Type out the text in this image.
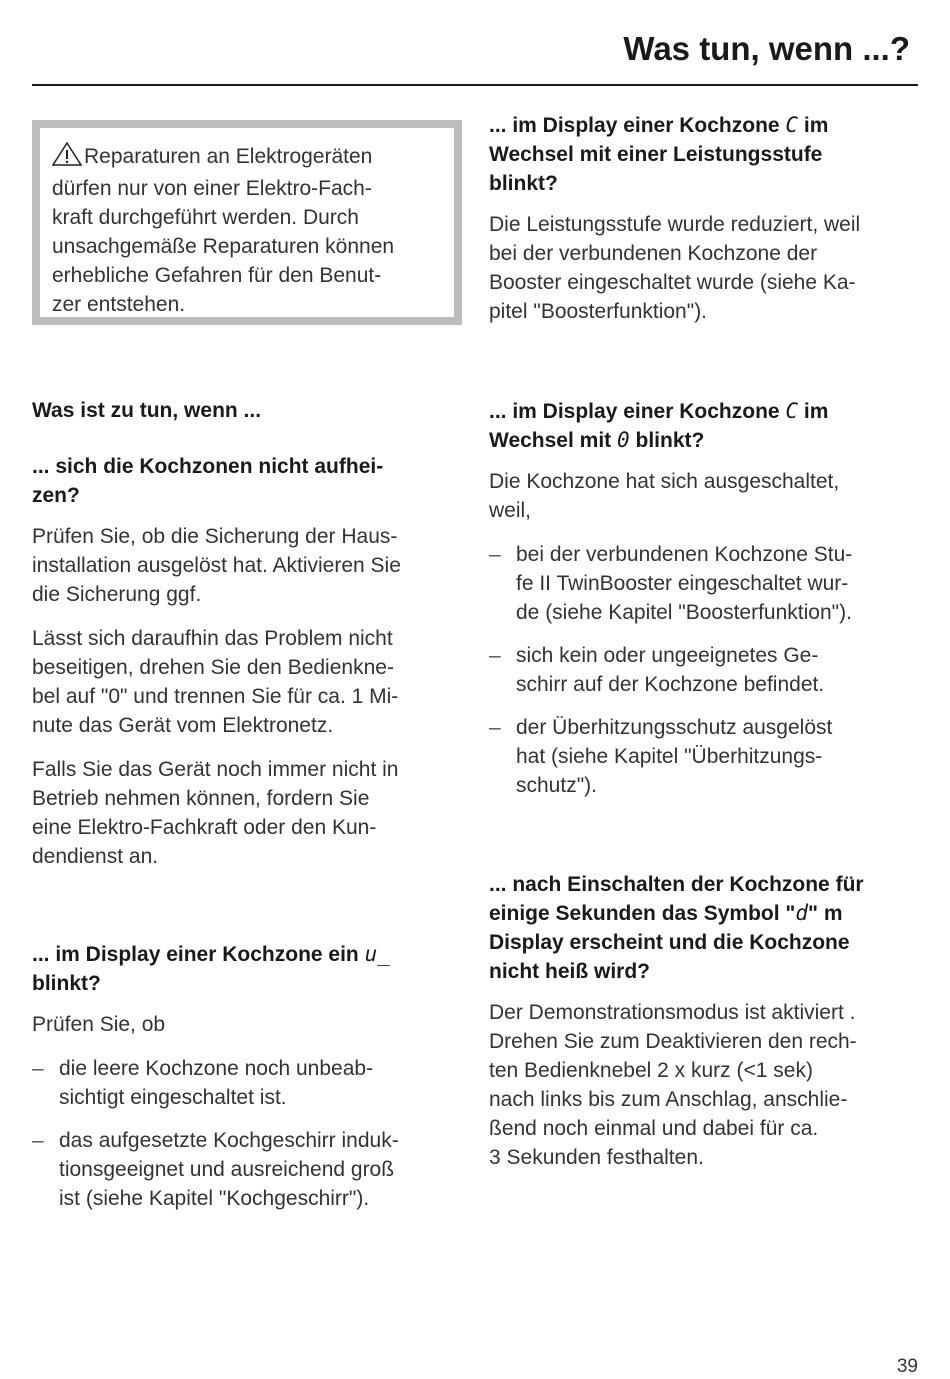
Was tun, wenn ...?

Reparaturen an Elektrogeräten
dürfen nur von einer Elektro-Fach-
kraft durchgeführt werden. Durch
unsachgemäße Reparaturen können
erhebliche Gefahren für den Benut-
zer entstehen.

Was ist zu tun, wenn ...

... sich die Kochzonen nicht aufhei-
zen?

Prüfen Sie, ob die Sicherung der Haus-
installation ausgelöst hat. Aktivieren Sie
die Sicherung ggf.

Lässt sich daraufhin das Problem nicht
beseitigen, drehen Sie den Bedienkne-
bel auf "0" und trennen Sie für ca. 1 Mi-
nute das Gerät vom Elektronetz.

Falls Sie das Gerät noch immer nicht in
Betrieb nehmen können, fordern Sie
eine Elektro-Fachkraft oder den Kun-
dendienst an.

... im Display einer Kochzone ein u̲
blinkt?

Prüfen Sie, ob

– die leere Kochzone noch unbeab-
sichtigt eingeschaltet ist.
– das aufgesetzte Kochgeschirr induk-
tionsgeeignet und ausreichend groß
ist (siehe Kapitel "Kochgeschirr").

... im Display einer Kochzone C im
Wechsel mit einer Leistungsstufe
blinkt?

Die Leistungsstufe wurde reduziert, weil
bei der verbundenen Kochzone der
Booster eingeschaltet wurde (siehe Ka-
pitel "Boosterfunktion").

... im Display einer Kochzone C im
Wechsel mit 0 blinkt?

Die Kochzone hat sich ausgeschaltet,
weil,

– bei der verbundenen Kochzone Stu-
fe II TwinBooster eingeschaltet wur-
de (siehe Kapitel "Boosterfunktion").
– sich kein oder ungeeignetes Ge-
schirr auf der Kochzone befindet.
– der Überhitzungsschutz ausgelöst
hat (siehe Kapitel "Überhitzungs-
schutz").

... nach Einschalten der Kochzone für
einige Sekunden das Symbol "d" m
Display erscheint und die Kochzone
nicht heiß wird?

Der Demonstrationsmodus ist aktiviert .
Drehen Sie zum Deaktivieren den rech-
ten Bedienknebel 2 x kurz (<1 sek)
nach links bis zum Anschlag, anschlie-
ßend noch einmal und dabei für ca.
3 Sekunden festhalten.

39
